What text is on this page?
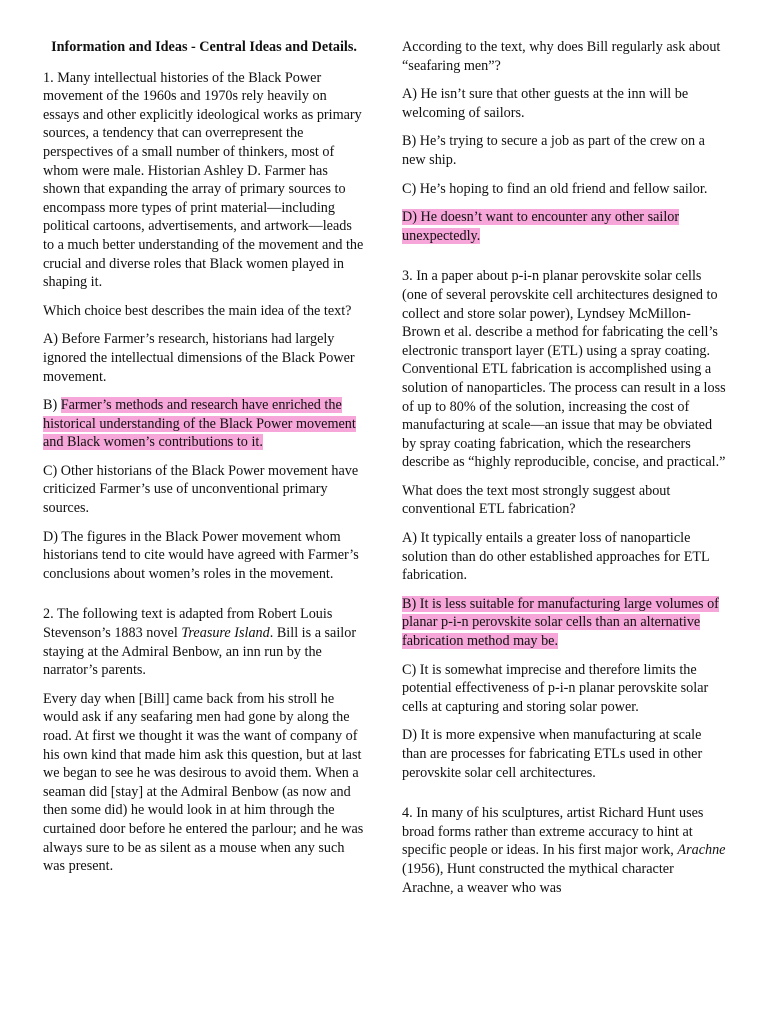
Information and Ideas - Central Ideas and Details.

1. Many intellectual histories of the Black Power movement of the 1960s and 1970s rely heavily on essays and other explicitly ideological works as primary sources, a tendency that can overrepresent the perspectives of a small number of thinkers, most of whom were male. Historian Ashley D. Farmer has shown that expanding the array of primary sources to encompass more types of print material—including political cartoons, advertisements, and artwork—leads to a much better understanding of the movement and the crucial and diverse roles that Black women played in shaping it.

Which choice best describes the main idea of the text?

A) Before Farmer’s research, historians had largely ignored the intellectual dimensions of the Black Power movement.

B) Farmer’s methods and research have enriched the historical understanding of the Black Power movement and Black women’s contributions to it.

C) Other historians of the Black Power movement have criticized Farmer’s use of unconventional primary sources.

D) The figures in the Black Power movement whom historians tend to cite would have agreed with Farmer’s conclusions about women’s roles in the movement.

2. The following text is adapted from Robert Louis Stevenson’s 1883 novel Treasure Island. Bill is a sailor staying at the Admiral Benbow, an inn run by the narrator’s parents.

Every day when [Bill] came back from his stroll he would ask if any seafaring men had gone by along the road. At first we thought it was the want of company of his own kind that made him ask this question, but at last we began to see he was desirous to avoid them. When a seaman did [stay] at the Admiral Benbow (as now and then some did) he would look in at him through the curtained door before he entered the parlour; and he was always sure to be as silent as a mouse when any such was present.

According to the text, why does Bill regularly ask about “seafaring men”?

A) He isn’t sure that other guests at the inn will be welcoming of sailors.

B) He’s trying to secure a job as part of the crew on a new ship.

C) He’s hoping to find an old friend and fellow sailor.

D) He doesn’t want to encounter any other sailor unexpectedly.

3. In a paper about p-i-n planar perovskite solar cells (one of several perovskite cell architectures designed to collect and store solar power), Lyndsey McMillon-Brown et al. describe a method for fabricating the cell’s electronic transport layer (ETL) using a spray coating. Conventional ETL fabrication is accomplished using a solution of nanoparticles. The process can result in a loss of up to 80% of the solution, increasing the cost of manufacturing at scale—an issue that may be obviated by spray coating fabrication, which the researchers describe as “highly reproducible, concise, and practical.”

What does the text most strongly suggest about conventional ETL fabrication?

A) It typically entails a greater loss of nanoparticle solution than do other established approaches for ETL fabrication.

B) It is less suitable for manufacturing large volumes of planar p-i-n perovskite solar cells than an alternative fabrication method may be.

C) It is somewhat imprecise and therefore limits the potential effectiveness of p-i-n planar perovskite solar cells at capturing and storing solar power.

D) It is more expensive when manufacturing at scale than are processes for fabricating ETLs used in other perovskite solar cell architectures.

4. In many of his sculptures, artist Richard Hunt uses broad forms rather than extreme accuracy to hint at specific people or ideas. In his first major work, Arachne (1956), Hunt constructed the mythical character Arachne, a weaver who was
